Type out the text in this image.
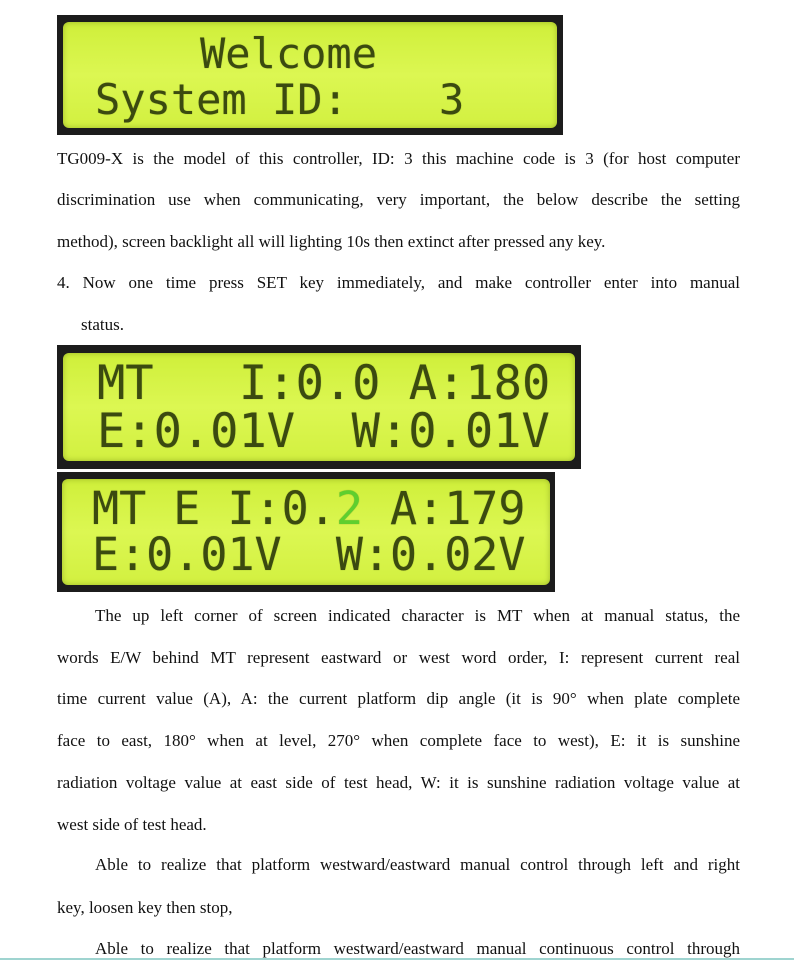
Welcome
System ID: 3
TG009-X is the model of this controller, ID: 3 this machine code is 3 (for host computer
discrimination use when communicating, very important, the below describe the setting
method), screen backlight all will lighting 10s then extinct after pressed any key.
4. Now one time press SET key immediately, and make controller enter into manual
status.
MT I:0.0 A:180
E:0.01V  W:0.01V
MT E I:0.2 A:179
E:0.01V  W:0.02V
The up left corner of screen indicated character is MT when at manual status, the
words E/W behind MT represent eastward or west word order, I: represent current real
time current value (A), A: the current platform dip angle (it is 90° when plate complete
face to east, 180° when at level, 270° when complete face to west), E: it is sunshine
radiation voltage value at east side of test head, W: it is sunshine radiation voltage value at
west side of test head.
Able to realize that platform westward/eastward manual control through left and right
key, loosen key then stop,
Able to realize that platform westward/eastward manual continuous control through
